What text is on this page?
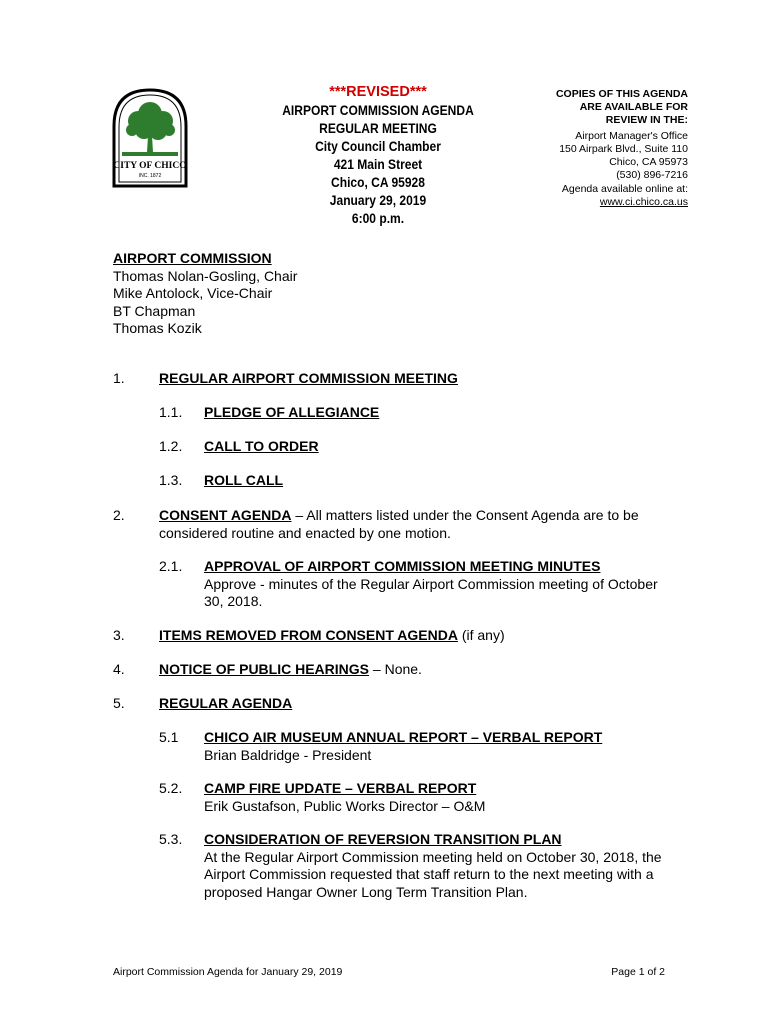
CITY OF CHICO
INC. 1872
***REVISED***
AIRPORT COMMISSION AGENDA
REGULAR MEETING
City Council Chamber
421 Main Street
Chico, CA 95928
January 29, 2019
6:00 p.m.
COPIES OF THIS AGENDA
ARE AVAILABLE FOR
REVIEW IN THE:
Airport Manager's Office
150 Airpark Blvd., Suite 110
Chico, CA 95973
(530) 896-7216
Agenda available online at:
www.ci.chico.ca.us
AIRPORT COMMISSION
Thomas Nolan-Gosling, Chair
Mike Antolock, Vice-Chair
BT Chapman
Thomas Kozik
1. REGULAR AIRPORT COMMISSION MEETING
1.1. PLEDGE OF ALLEGIANCE
1.2. CALL TO ORDER
1.3. ROLL CALL
2. CONSENT AGENDA – All matters listed under the Consent Agenda are to be
considered routine and enacted by one motion.
2.1. APPROVAL OF AIRPORT COMMISSION MEETING MINUTES
Approve - minutes of the Regular Airport Commission meeting of October
30, 2018.
3. ITEMS REMOVED FROM CONSENT AGENDA (if any)
4. NOTICE OF PUBLIC HEARINGS – None.
5. REGULAR AGENDA
5.1 CHICO AIR MUSEUM ANNUAL REPORT – VERBAL REPORT
Brian Baldridge - President
5.2. CAMP FIRE UPDATE – VERBAL REPORT
Erik Gustafson, Public Works Director – O&M
5.3. CONSIDERATION OF REVERSION TRANSITION PLAN
At the Regular Airport Commission meeting held on October 30, 2018, the
Airport Commission requested that staff return to the next meeting with a
proposed Hangar Owner Long Term Transition Plan.
Airport Commission Agenda for January 29, 2019	Page 1 of 2
